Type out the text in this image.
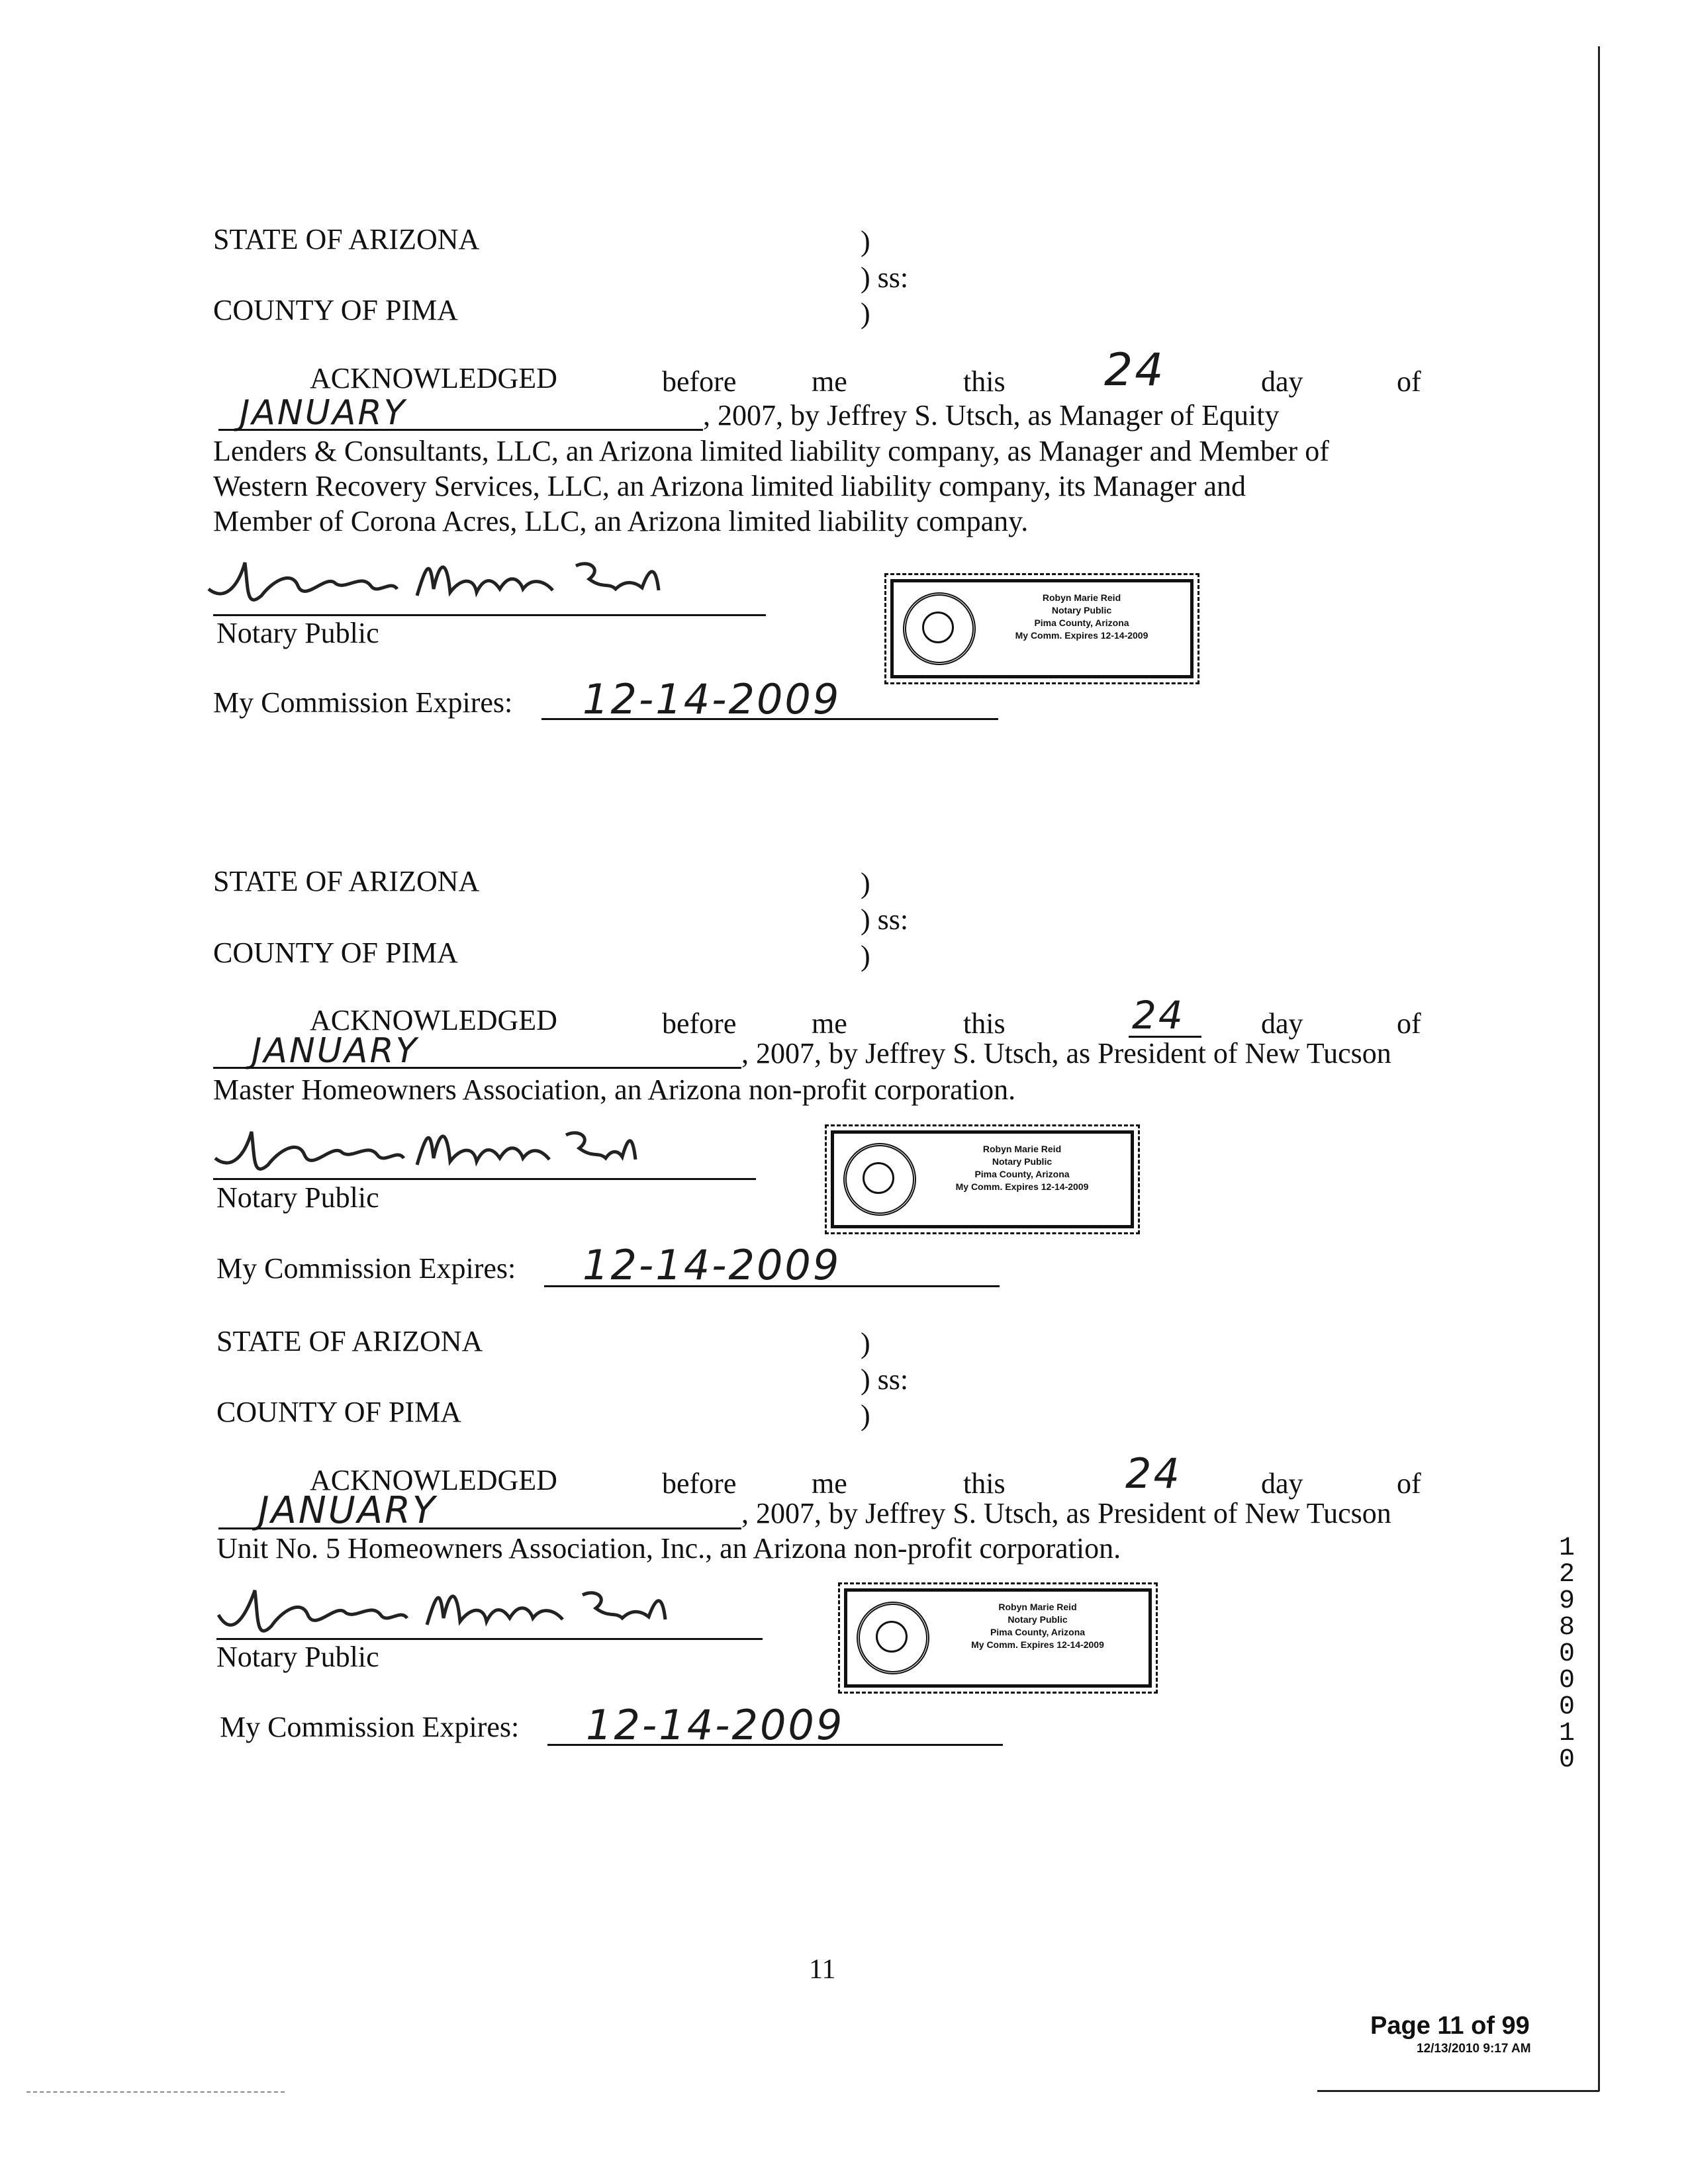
STATE OF ARIZONA	)
) ss:
COUNTY OF PIMA	)
ACKNOWLEDGED	before	me	this 24	day	of
JANUARY	, 2007, by Jeffrey S. Utsch, as Manager of Equity
Lenders & Consultants, LLC, an Arizona limited liability company, as Manager and Member of
Western Recovery Services, LLC, an Arizona limited liability company, its Manager and
Member of Corona Acres, LLC, an Arizona limited liability company.
Notary Public
Robyn Marie Reid
Notary Public
Pima County, Arizona
My Comm. Expires 12-14-2009
My Commission Expires: 12-14-2009
STATE OF ARIZONA	)
) ss:
COUNTY OF PIMA	)
ACKNOWLEDGED	before	me	this	24	day	of
JANUARY	, 2007, by Jeffrey S. Utsch, as President of New Tucson
Master Homeowners Association, an Arizona non-profit corporation.
Notary Public
Robyn Marie Reid
Notary Public
Pima County, Arizona
My Comm. Expires 12-14-2009
My Commission Expires: 12-14-2009
STATE OF ARIZONA	)
) ss:
COUNTY OF PIMA	)
ACKNOWLEDGED	before	me	this	24	day	of
JANUARY	, 2007, by Jeffrey S. Utsch, as President of New Tucson
Unit No. 5 Homeowners Association, Inc., an Arizona non-profit corporation.
Notary Public
Robyn Marie Reid
Notary Public
Pima County, Arizona
My Comm. Expires 12-14-2009
My Commission Expires: 12-14-2009
12980 0010
11
Page 11 of 99
12/13/2010 9:17 AM
